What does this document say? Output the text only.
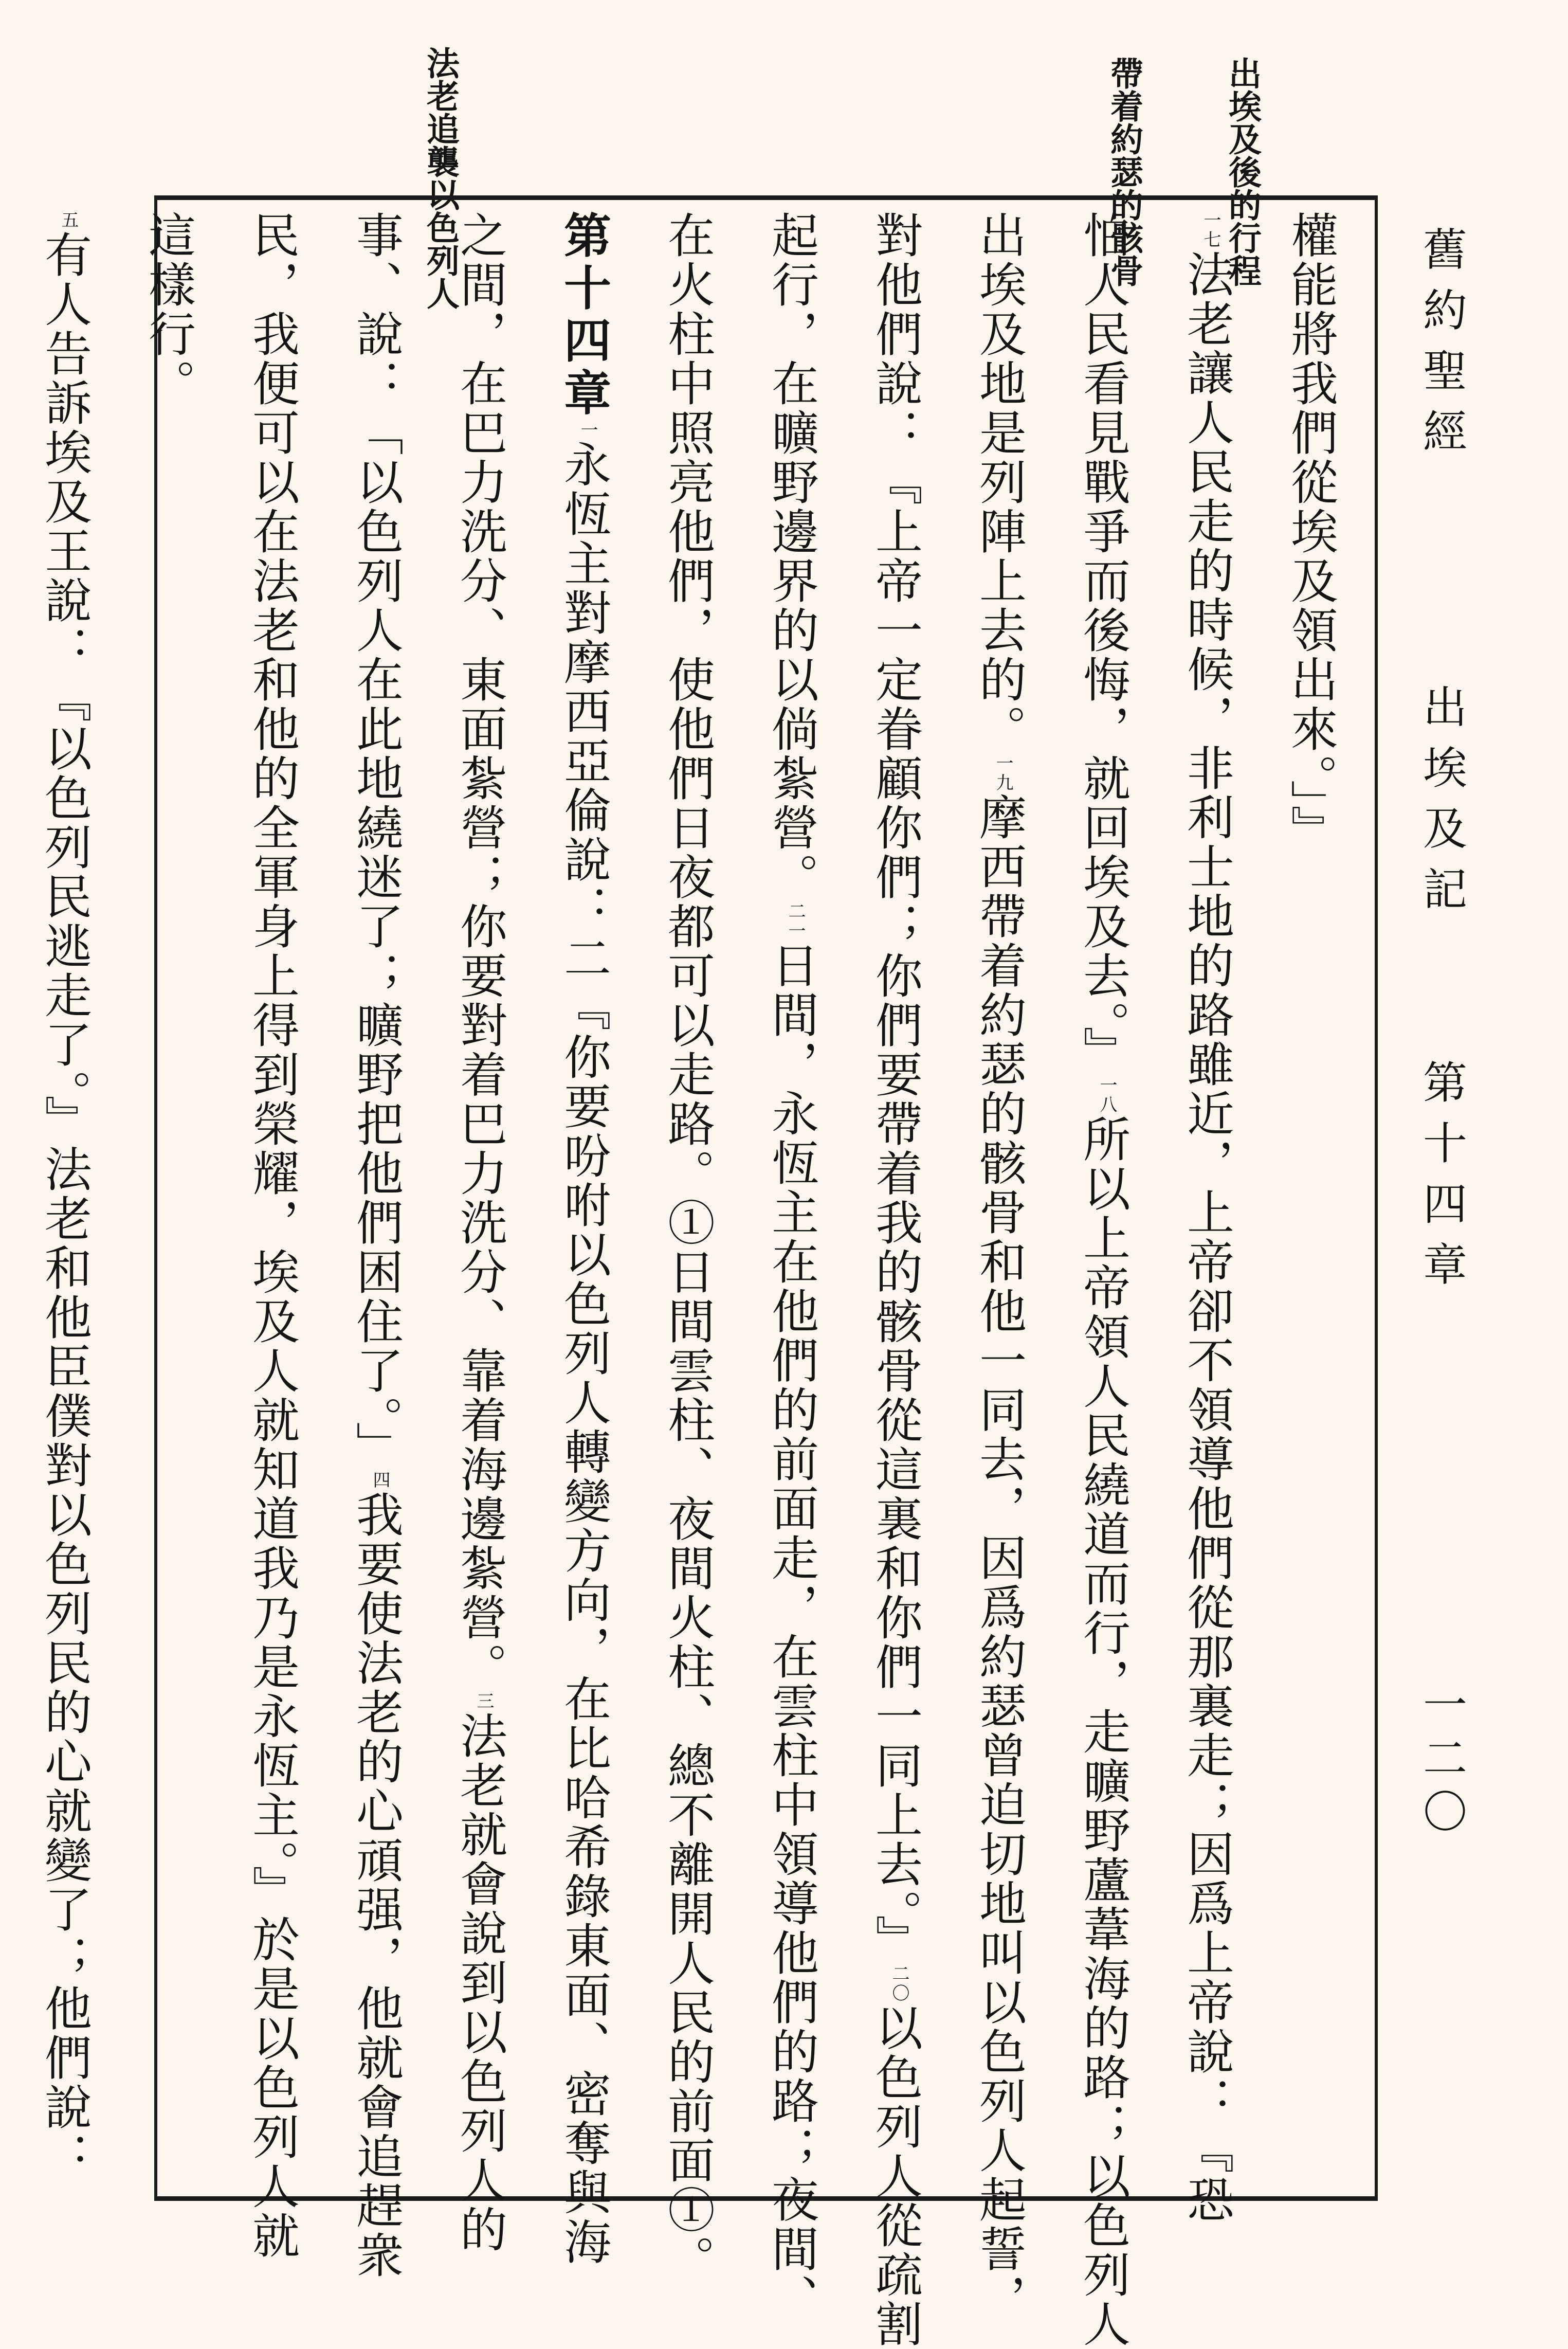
出埃及後的行程
帶着約瑟的骸骨
法老追襲以色列人
舊約聖經
出埃及記
第十四章
一二〇
權能將我們從埃及領出來。」』
一七法老讓人民走的時候，非利士地的路雖近，上帝卻不領導他們從那裏走；因爲上帝說：『恐
怕人民看見戰爭而後悔，就回埃及去。』一八所以上帝領人民繞道而行，走曠野蘆葦海的路；以色列人
出埃及地是列陣上去的。一九摩西帶着約瑟的骸骨和他一同去，因爲約瑟曾迫切地叫以色列人起誓，
對他們說：『上帝一定眷顧你們；你們要帶着我的骸骨從這裏和你們一同上去。』二〇以色列人從疏割
起行，在曠野邊界的以倘紮營。二一日間，永恆主在他們的前面走，在雲柱中領導他們的路；夜間、
在火柱中照亮他們，使他們日夜都可以走路。①日間雲柱、夜間火柱、總不離開人民的前面①。
第十四章一永恆主對摩西亞倫說：二『你要吩咐以色列人轉變方向，在比哈希錄東面、密奪與海
之間，在巴力洗分、東面紮營；你要對着巴力洗分、靠着海邊紮營。三法老就會說到以色列人的
事、說：「以色列人在此地繞迷了；曠野把他們困住了。」四我要使法老的心頑强，他就會追趕衆
民，我便可以在法老和他的全軍身上得到榮耀，埃及人就知道我乃是永恆主。』於是以色列人就
這樣行。
五有人告訴埃及王說：『以色列民逃走了。』法老和他臣僕對以色列民的心就變了；他們說：
